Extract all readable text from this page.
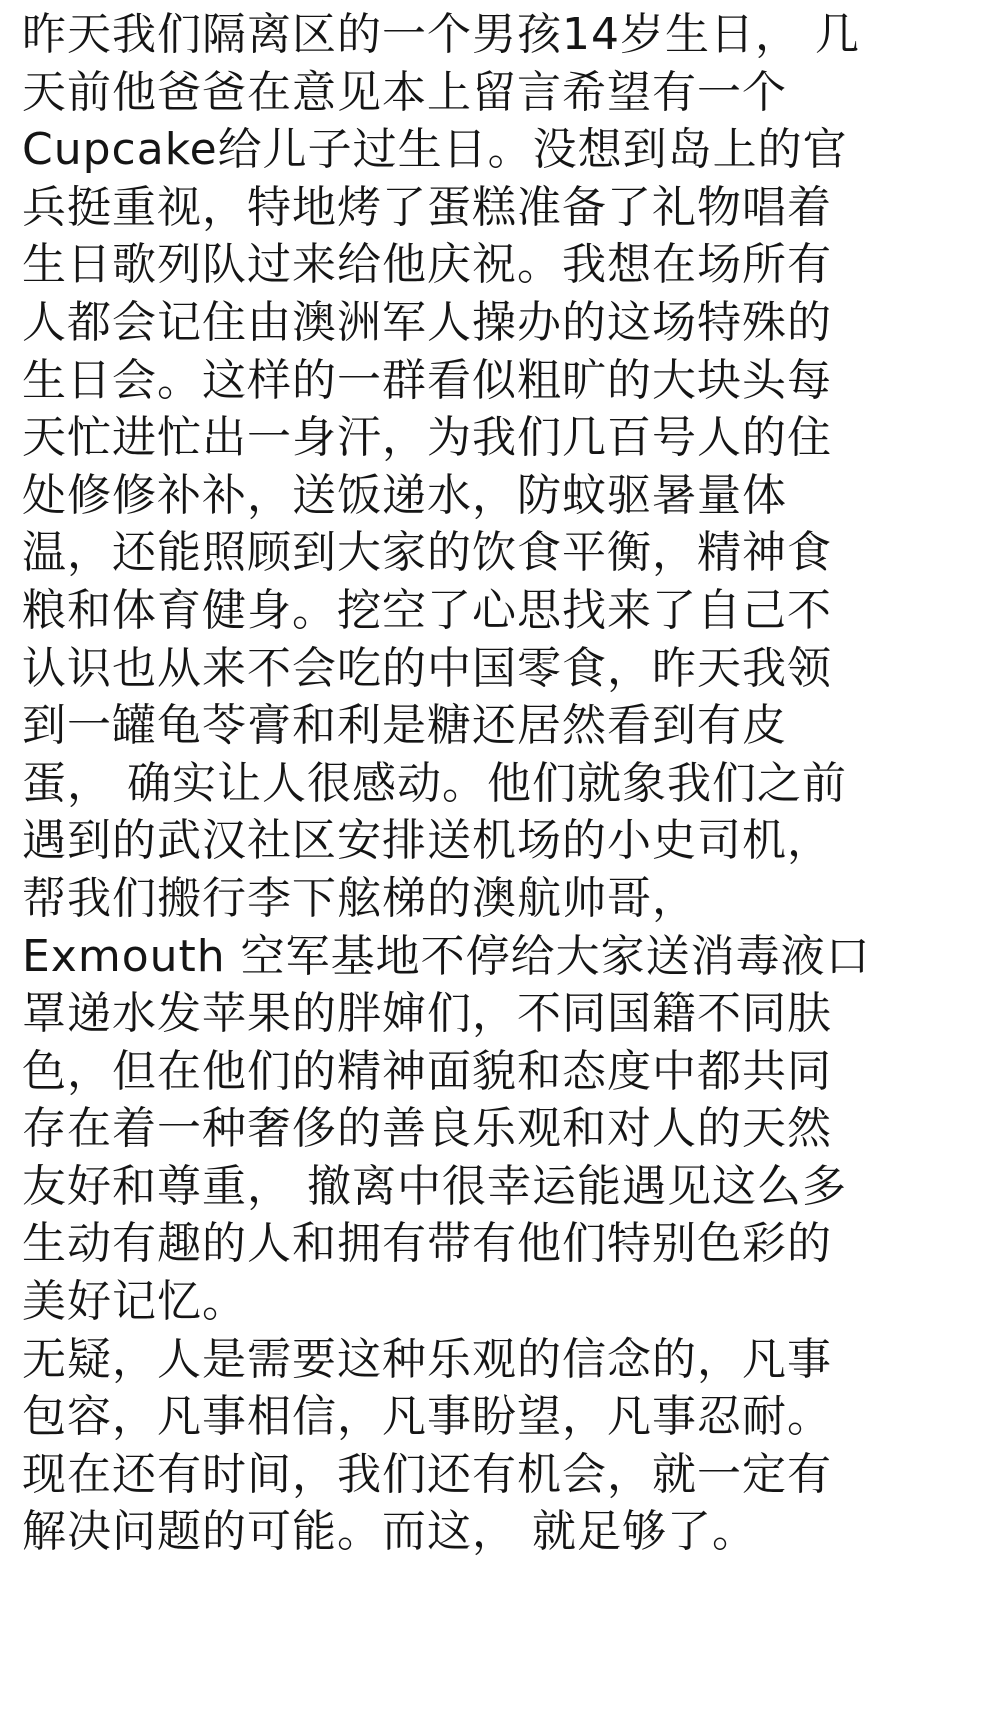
昨天我们隔离区的一个男孩14岁生日， 几
天前他爸爸在意见本上留言希望有一个
Cupcake给儿子过生日。没想到岛上的官
兵挺重视，特地烤了蛋糕准备了礼物唱着
生日歌列队过来给他庆祝。我想在场所有
人都会记住由澳洲军人操办的这场特殊的
生日会。这样的一群看似粗旷的大块头每
天忙进忙出一身汗，为我们几百号人的住
处修修补补，送饭递水，防蚊驱暑量体
温，还能照顾到大家的饮食平衡，精神食
粮和体育健身。挖空了心思找来了自己不
认识也从来不会吃的中国零食，昨天我领
到一罐龟苓膏和利是糖还居然看到有皮
蛋， 确实让人很感动。他们就象我们之前
遇到的武汉社区安排送机场的小史司机，
帮我们搬行李下舷梯的澳航帅哥，
Exmouth 空军基地不停给大家送消毒液口
罩递水发苹果的胖婶们，不同国籍不同肤
色，但在他们的精神面貌和态度中都共同
存在着一种奢侈的善良乐观和对人的天然
友好和尊重， 撤离中很幸运能遇见这么多
生动有趣的人和拥有带有他们特别色彩的
美好记忆。
无疑，人是需要这种乐观的信念的，凡事
包容，凡事相信，凡事盼望，凡事忍耐。
现在还有时间，我们还有机会，就一定有
解决问题的可能。而这， 就足够了。
